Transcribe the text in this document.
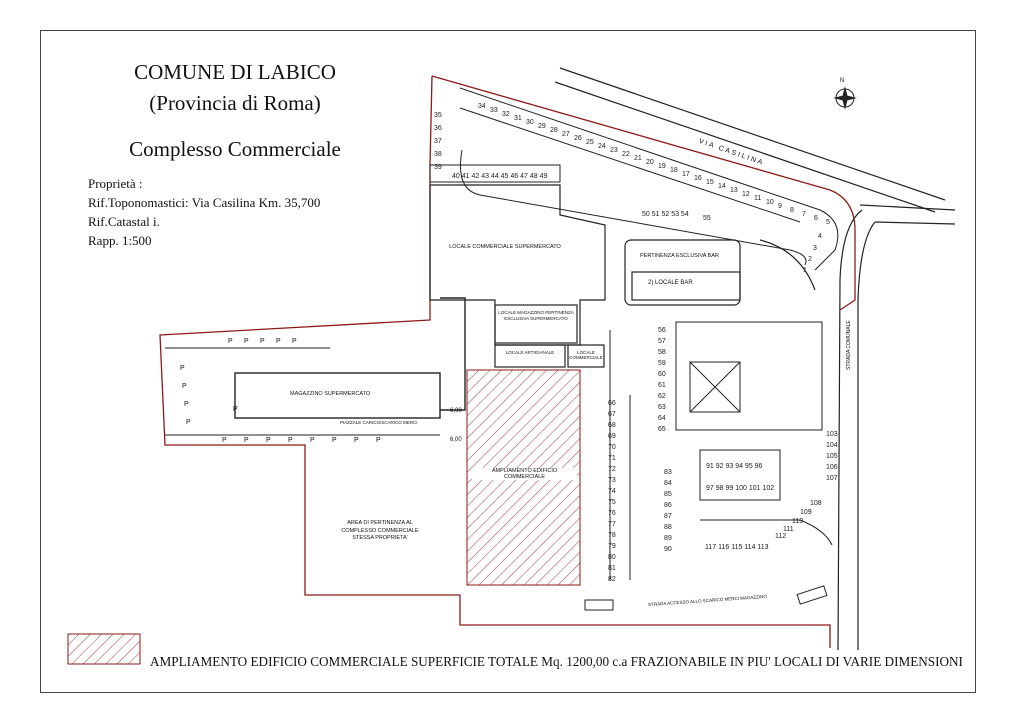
COMUNE DI LABICO
(Provincia di Roma)
Complesso Commerciale
Proprietà :
Rif.Toponomastici: Via Casilina Km. 35,700
Rif.Catastal i.
Rapp. 1:500
34
33
32
31
30
29
28
27
26
25
24
23
22
21
20
19
18
17
16
15
14
13
12
11
10
9
8
7
6
5
4
3
2
1
35
36
37
38
39
40 41 42 43 44 45 46 47 48 49
50 51 52 53 54
55
56
57
58
59
60
61
62
63
64
65
66
67
68
69
70
71
72
73
74
75
76
77
78
79
80
81
82
83
84
85
86
87
88
89
90
91 92 93 94 95 96
97 98 99 100 101 102
103
104
105
106
107
108
109
110
111
112
117 116 115 114 113
VIA CASILINA
STRADA COMUNALE
LOCALE COMMERCIALE SUPERMERCATO
PERTINENZA ESCLUSIVA BAR
2) LOCALE BAR
LOCALE MAGAZZINO PERTINENZA ESCLUSIVA SUPERMERCATO
LOCALE ARTIGIANALE	LOCALE COMMERCIALE
MAGAZZINO SUPERMERCATO
PIAZZALE CARICO/SCARICO MERCI
6,00
6,00
AMPLIAMENTO EDIFICIO COMMERCIALE
AREA DI PERTINENZA AL COMPLESSO COMMERCIALE STESSA PROPRIETA'
STRADA ACCESSO ALLO SCARICO MERCI MAGAZZINO
N
P P P P P
P
P
P
P
P
P P P P P P P P
AMPLIAMENTO EDIFICIO COMMERCIALE SUPERFICIE TOTALE Mq. 1200,00 c.a FRAZIONABILE IN PIU' LOCALI DI VARIE DIMENSIONI
